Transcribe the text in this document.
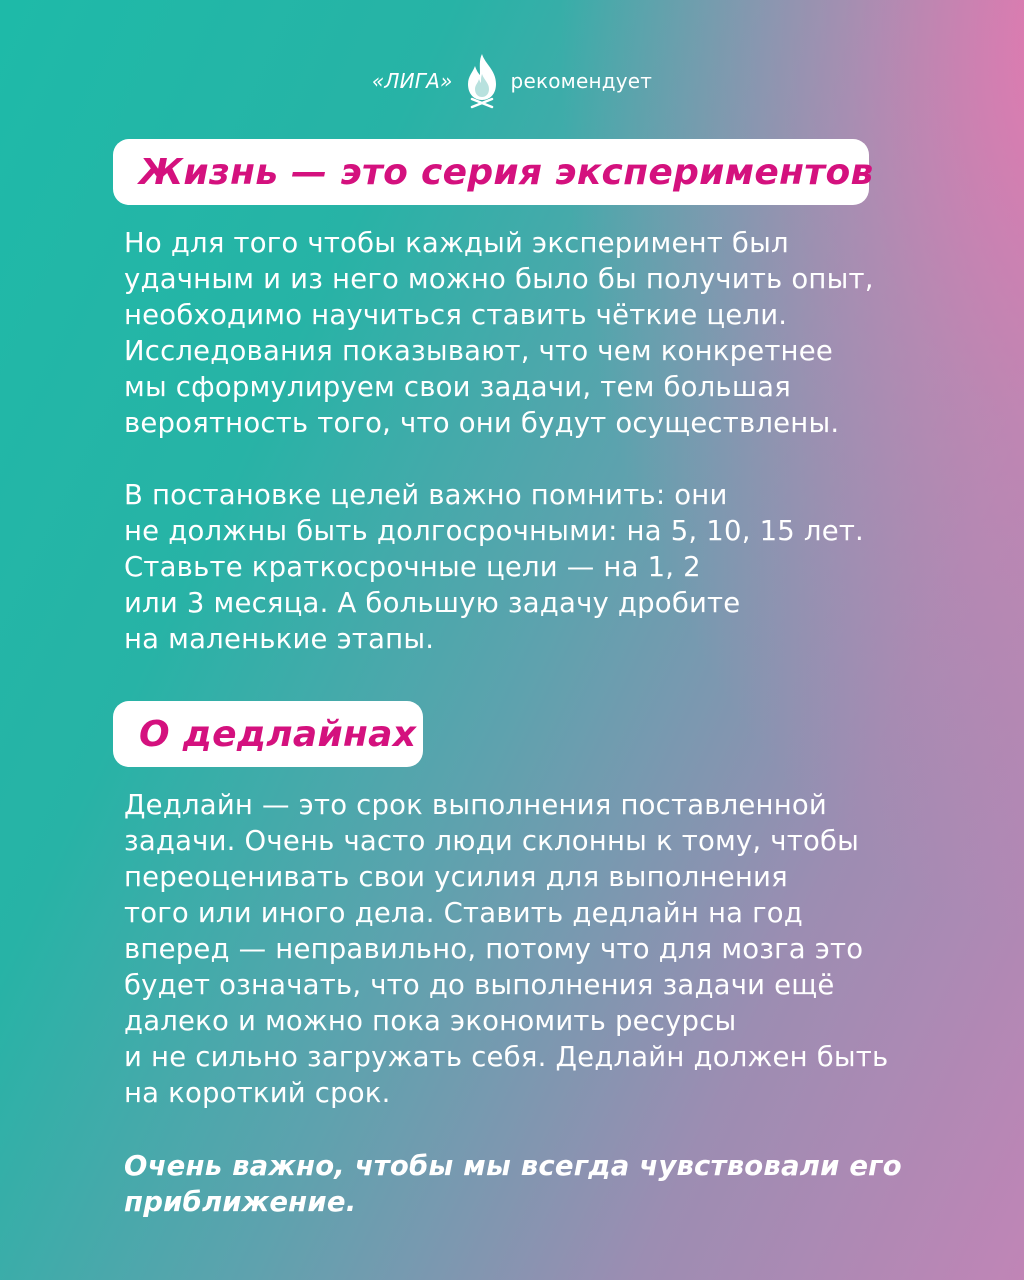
«ЛИГА»	рекомендует
Жизнь — это серия экспериментов
Но для того чтобы каждый эксперимент был
удачным и из него можно было бы получить опыт,
необходимо научиться ставить чёткие цели.
Исследования показывают, что чем конкретнее
мы сформулируем свои задачи, тем большая
вероятность того, что они будут осуществлены.
В постановке целей важно помнить: они
не должны быть долгосрочными: на 5, 10, 15 лет.
Ставьте краткосрочные цели — на 1, 2
или 3 месяца. А большую задачу дробите
на маленькие этапы.
О дедлайнах
Дедлайн — это срок выполнения поставленной
задачи. Очень часто люди склонны к тому, чтобы
переоценивать свои усилия для выполнения
того или иного дела. Ставить дедлайн на год
вперед — неправильно, потому что для мозга это
будет означать, что до выполнения задачи ещё
далеко и можно пока экономить ресурсы
и не сильно загружать себя. Дедлайн должен быть
на короткий срок.
Очень важно, чтобы мы всегда чувствовали его
приближение.
